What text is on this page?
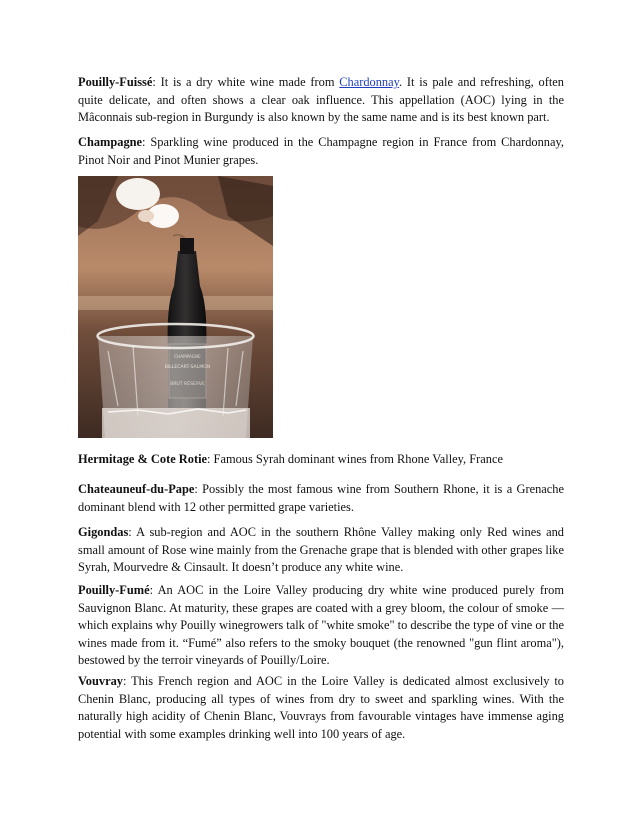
Pouilly-Fuissé: It is a dry white wine made from Chardonnay. It is pale and refreshing, often quite delicate, and often shows a clear oak influence. This appellation (AOC) lying in the Mâconnais sub-region in Burgundy is also known by the same name and is its best known part.

Champagne: Sparkling wine produced in the Champagne region in France from Chardonnay, Pinot Noir and Pinot Munier grapes.

Hermitage & Cote Rotie: Famous Syrah dominant wines from Rhone Valley, France

Chateauneuf-du-Pape: Possibly the most famous wine from Southern Rhone, it is a Grenache dominant blend with 12 other permitted grape varieties.

Gigondas: A sub-region and AOC in the southern Rhône Valley making only Red wines and small amount of Rose wine mainly from the Grenache grape that is blended with other grapes like Syrah, Mourvedre & Cinsault. It doesn’t produce any white wine.

Pouilly-Fumé: An AOC in the Loire Valley producing dry white wine produced purely from Sauvignon Blanc. At maturity, these grapes are coated with a grey bloom, the colour of smoke — which explains why Pouilly winegrowers talk of "white smoke" to describe the type of vine or the wines made from it. “Fumé” also refers to the smoky bouquet (the renowned "gun flint aroma"), bestowed by the terroir vineyards of Pouilly/Loire.

Vouvray: This French region and AOC in the Loire Valley is dedicated almost exclusively to Chenin Blanc, producing all types of wines from dry to sweet and sparkling wines. With the naturally high acidity of Chenin Blanc, Vouvrays from favourable vintages have immense aging potential with some examples drinking well into 100 years of age.
